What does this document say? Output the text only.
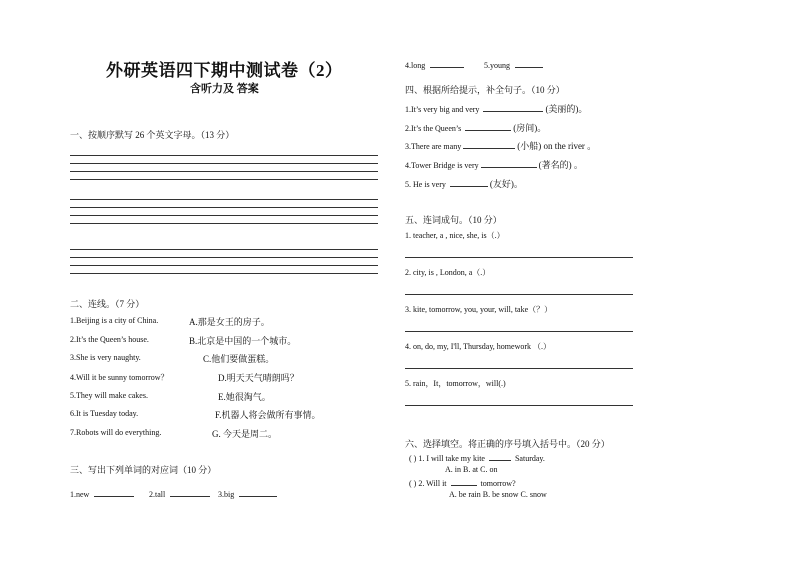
外研英语四下期中测试卷（2）
含听力及 答案
一、按顺序默写 26 个英文字母。（13 分）
二、连线。（7 分）
1.Beijing is a city of China.	A.那是女王的房子。
2.It’s the Queen’s house.	B.北京是中国的一个城市。
3.She is very naughty.	C.他们要做蛋糕。
4.Will it be sunny tomorrow？	D.明天天气晴朗吗？
5.They will make cakes.	E.她很淘气。
6.It is Tuesday today.	F.机器人将会做所有事情。
7.Robots will do everything.	G. 今天是周二。
三、写出下列单词的对应词（10 分）
1.new	2.tall	3.big
4.long	5.young
四、根据所给提示，补全句子。（10 分）
1.It’s very big and very	(美丽的)。
2.It’s the Queen’s	(房间)。
3.There are many	(小船) on the river 。
4.Tower Bridge is very	(著名的) 。
5. He is very	(友好)。
五、连词成句。（10 分）
1. teacher, a , nice, she, is（.）
2. city, is , London, a（.）
3. kite, tomorrow, you, your, will, take（？）
4. on, do, my, I'll, Thursday, homework （.）
5. rain，It，tomorrow，will(.)
六、选择填空。将正确的序号填入括号中。（20 分）
( ) 1. I will take my kite	Saturday.
A. in B. at C. on
( ) 2. Will it	tomorrow?
A. be rain B. be snow C. snow
